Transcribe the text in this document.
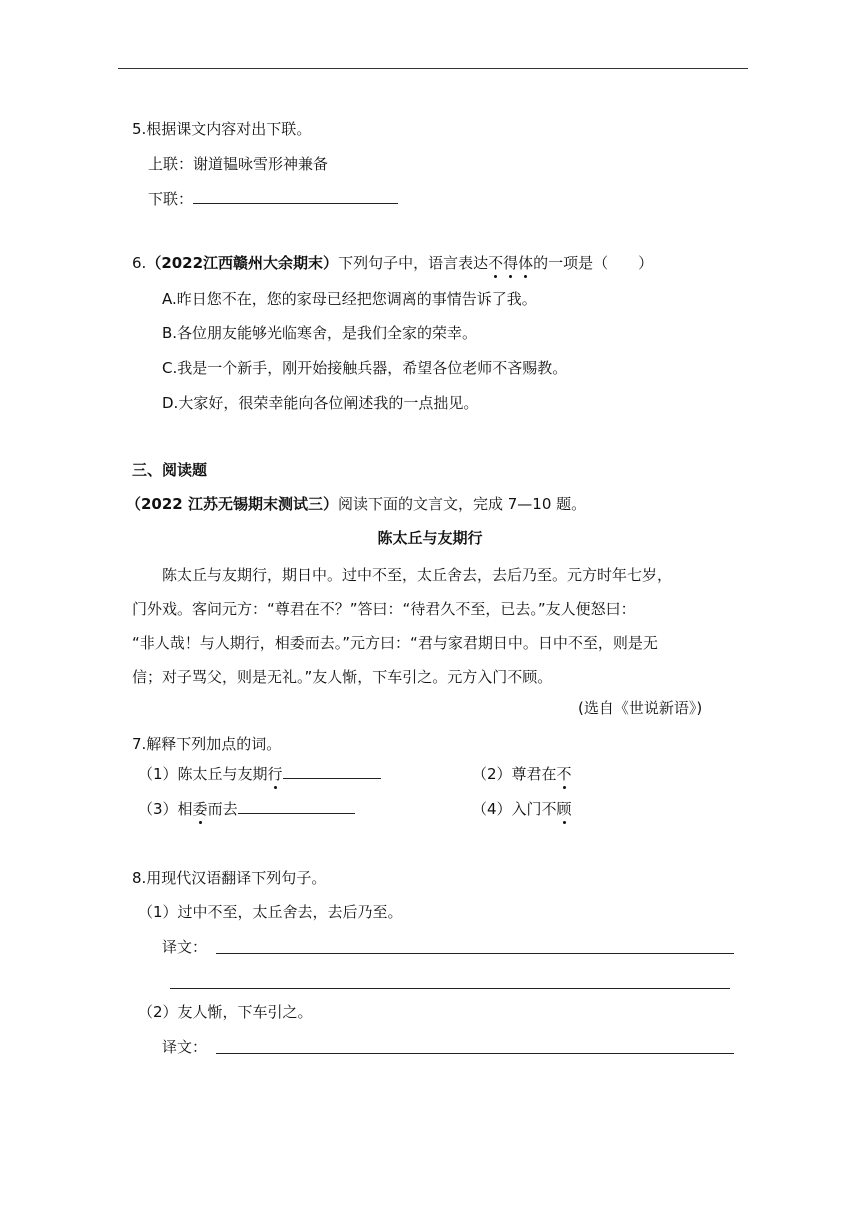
5.根据课文内容对出下联。
上联：谢道韫咏雪形神兼备
下联：
6.（2022江西赣州大余期末）下列句子中，语言表达不得体的一项是（　　）
A.昨日您不在，您的家母已经把您调离的事情告诉了我。
B.各位朋友能够光临寒舍，是我们全家的荣幸。
C.我是一个新手，刚开始接触兵器，希望各位老师不吝赐教。
D.大家好，很荣幸能向各位阐述我的一点拙见。
三、阅读题
（2022 江苏无锡期末测试三）阅读下面的文言文，完成 7—10 题。
陈太丘与友期行
陈太丘与友期行，期日中。过中不至，太丘舍去，去后乃至。元方时年七岁，
门外戏。客问元方：“尊君在不？”答曰：“待君久不至，已去。”友人便怒曰：
“非人哉！与人期行，相委而去。”元方曰：“君与家君期日中。日中不至，则是无
信；对子骂父，则是无礼。”友人惭，下车引之。元方入门不顾。
(选自《世说新语》)
7.解释下列加点的词。
（1）陈太丘与友期行	（2）尊君在不
（3）相委而去	（4）入门不顾
8.用现代汉语翻译下列句子。
（1）过中不至，太丘舍去，去后乃至。
译文：
（2）友人惭，下车引之。
译文：
